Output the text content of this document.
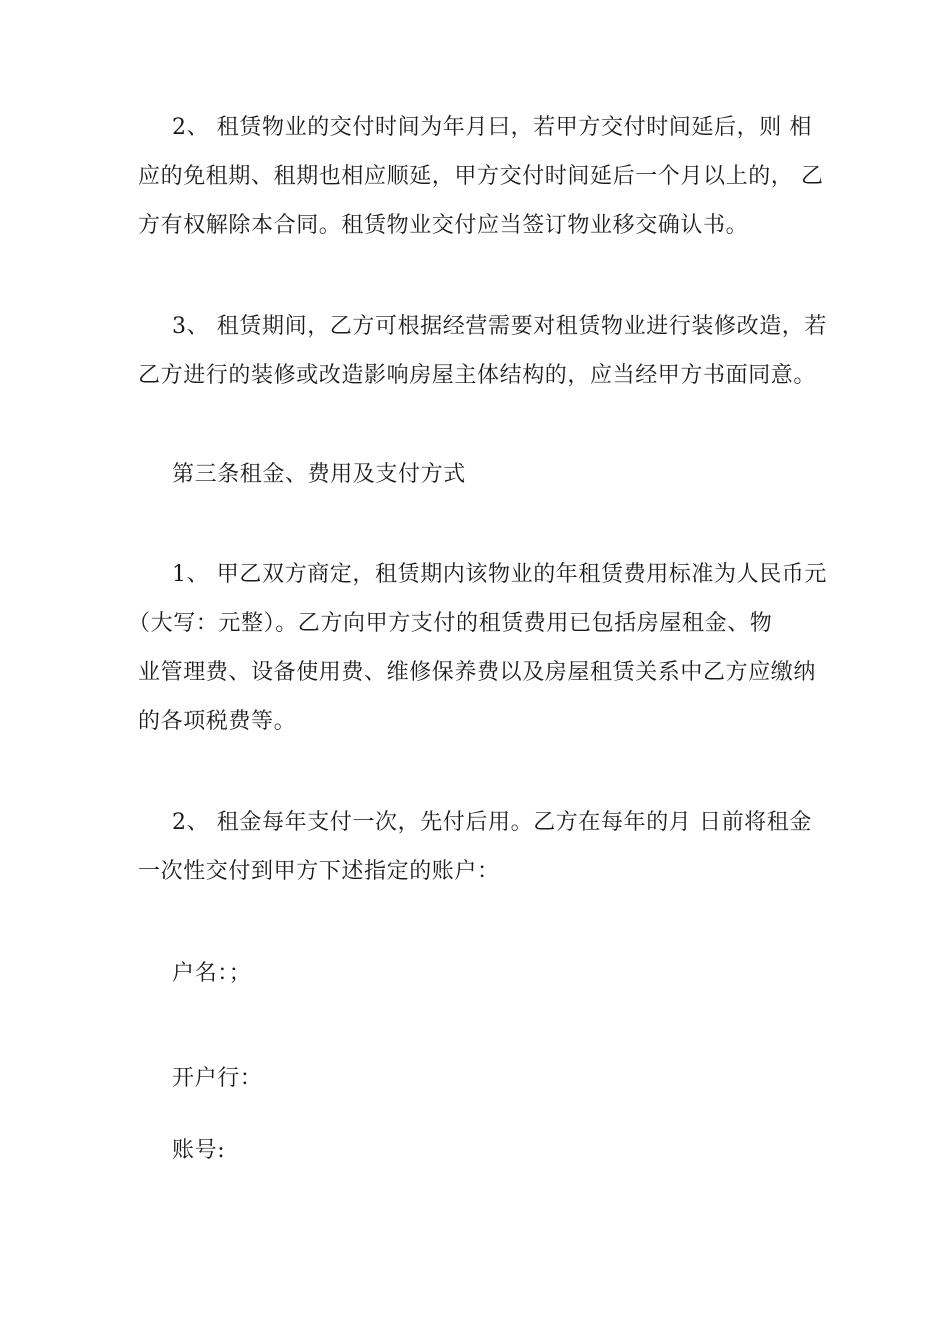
2、 租赁物业的交付时间为年月曰，若甲方交付时间延后，则 相
应的免租期、租期也相应顺延，甲方交付时间延后一个月以上的， 乙
方有权解除本合同。租赁物业交付应当签订物业移交确认书。
3、 租赁期间，乙方可根据经营需要对租赁物业进行装修改造，若
乙方进行的装修或改造影响房屋主体结构的，应当经甲方书面同意。
第三条租金、费用及支付方式
1、 甲乙双方商定，租赁期内该物业的年租赁费用标准为人民币元
（大写：元整）。乙方向甲方支付的租赁费用已包括房屋租金、物
业管理费、设备使用费、维修保养费以及房屋租赁关系中乙方应缴纳
的各项税费等。
2、 租金每年支付一次，先付后用。乙方在每年的月 日前将租金
一次性交付到甲方下述指定的账户：
户名：；
开户行：
账号:
